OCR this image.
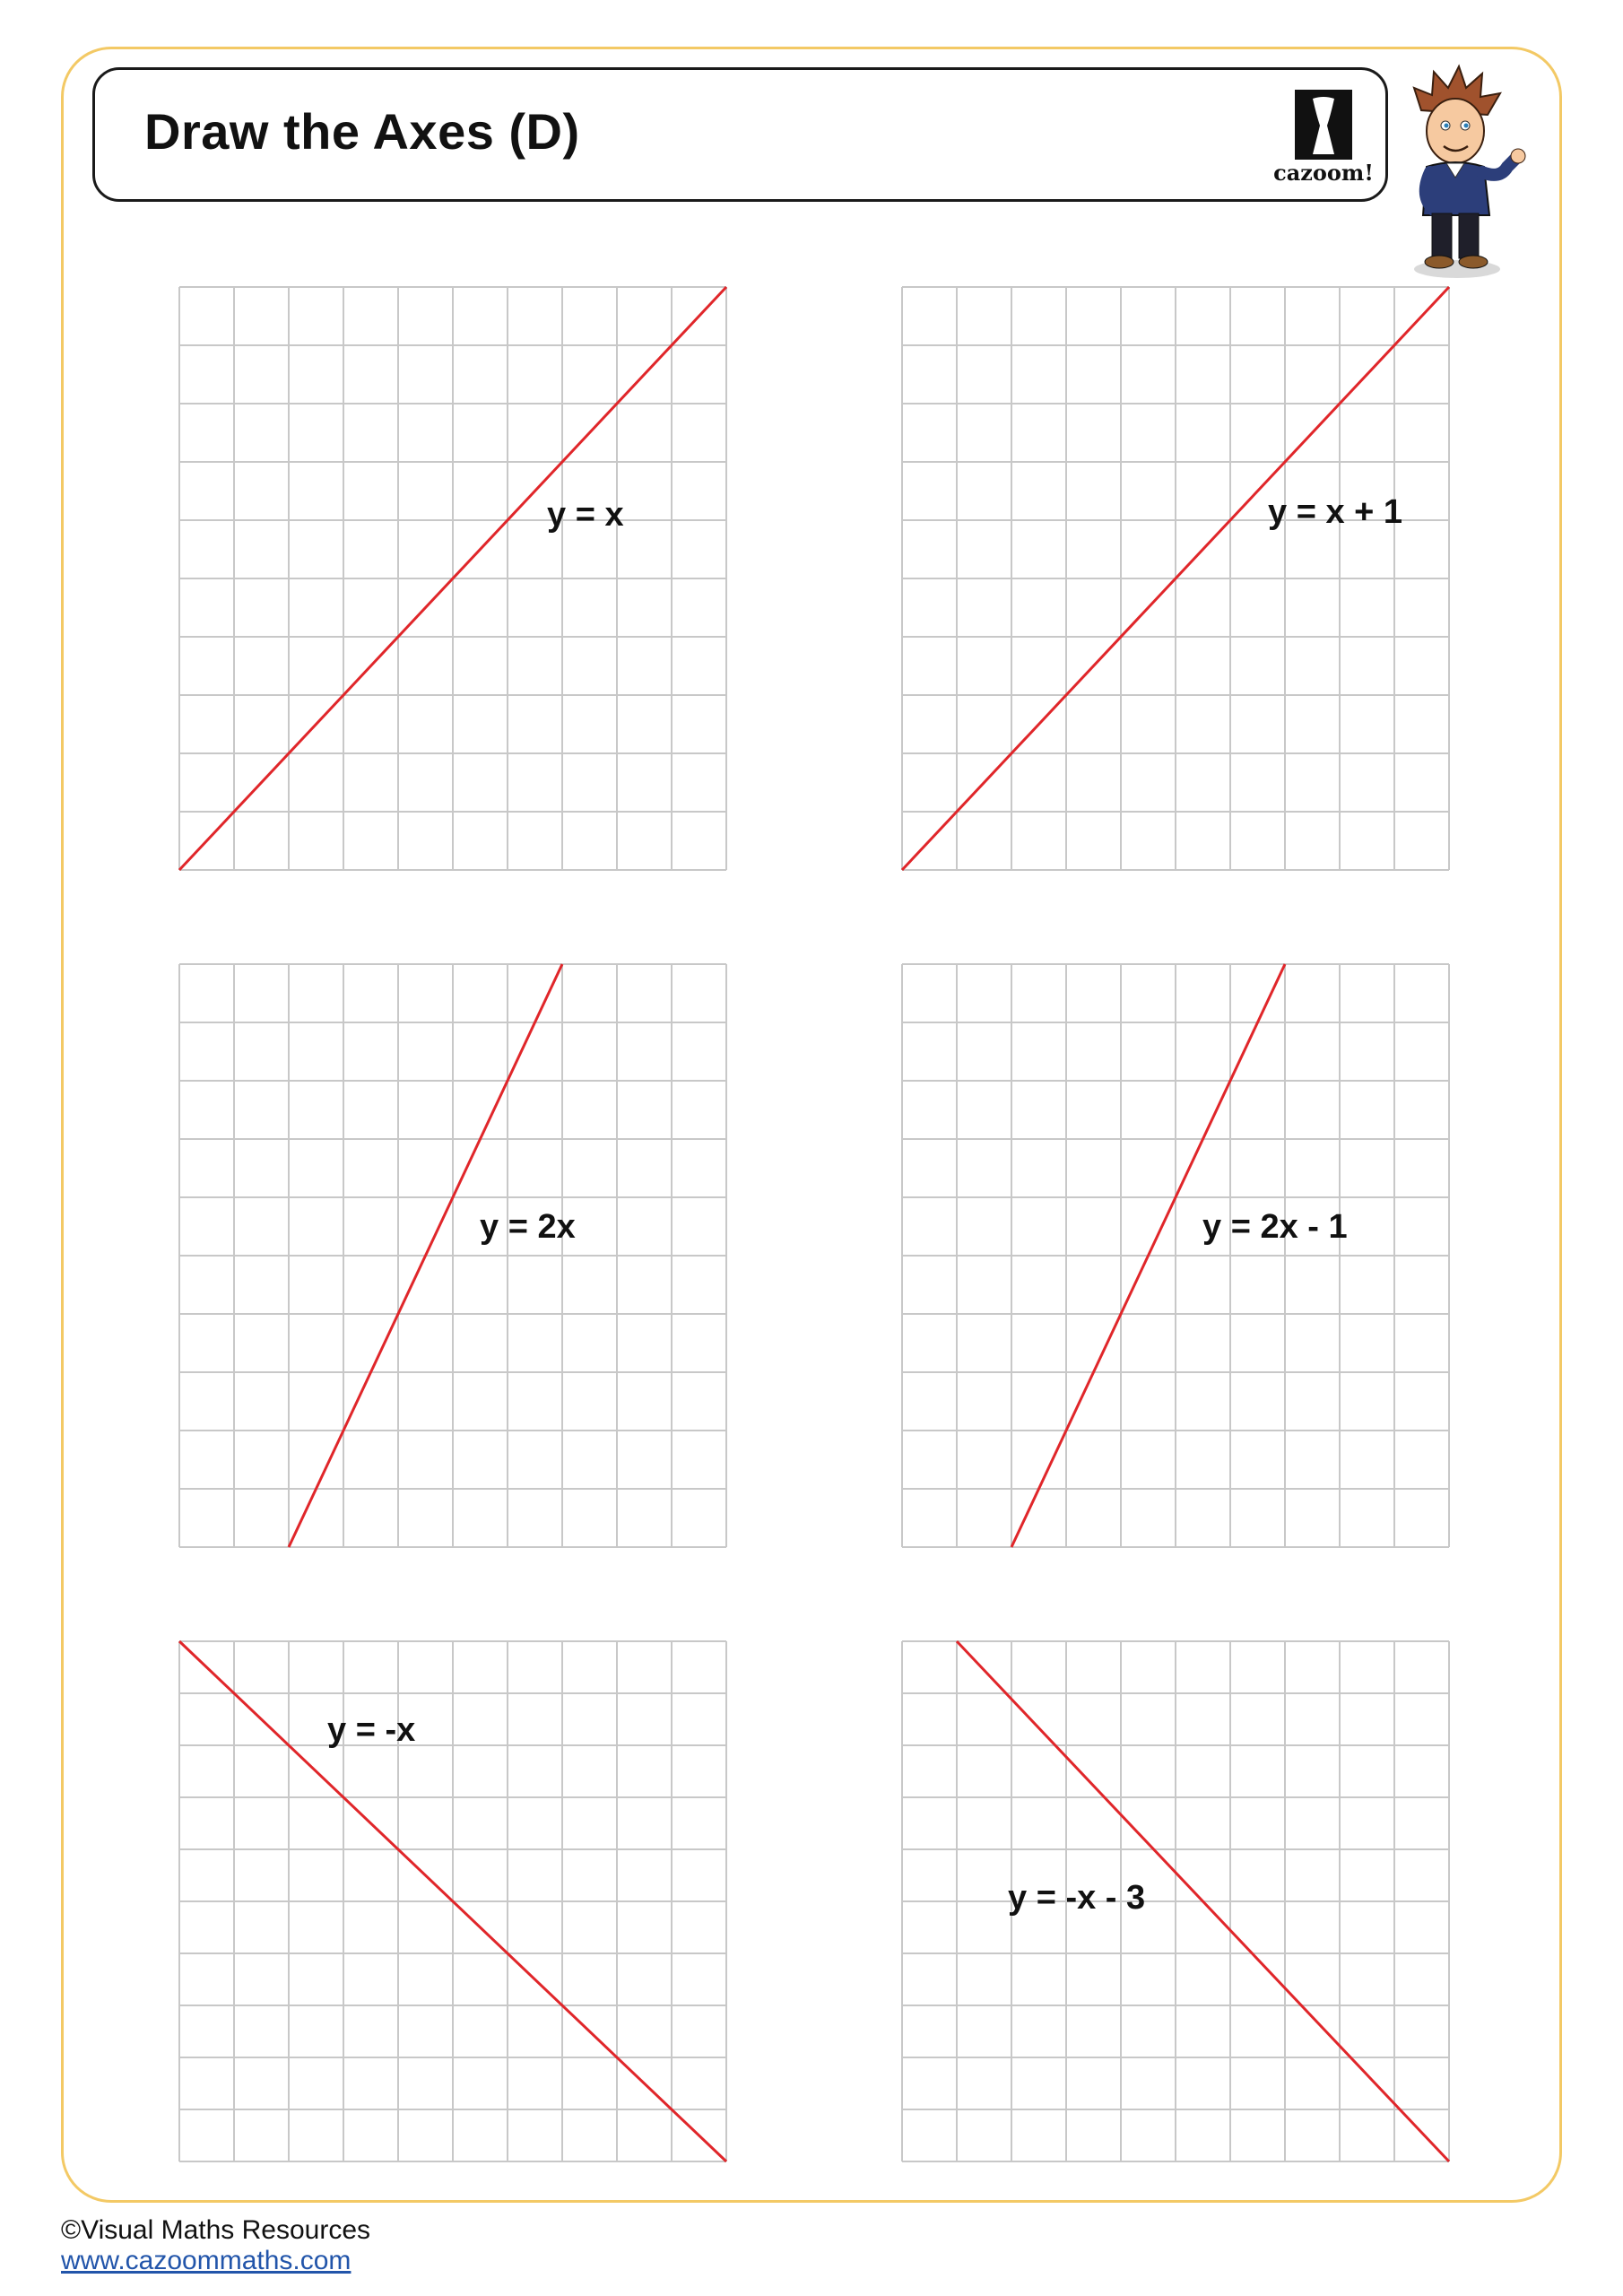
Draw the Axes (D)
cazoom!
y = x	y = x + 1
y = 2x	y = 2x - 1
y = -x
y = -x - 3
©Visual Maths Resources
www.cazoommaths.com
